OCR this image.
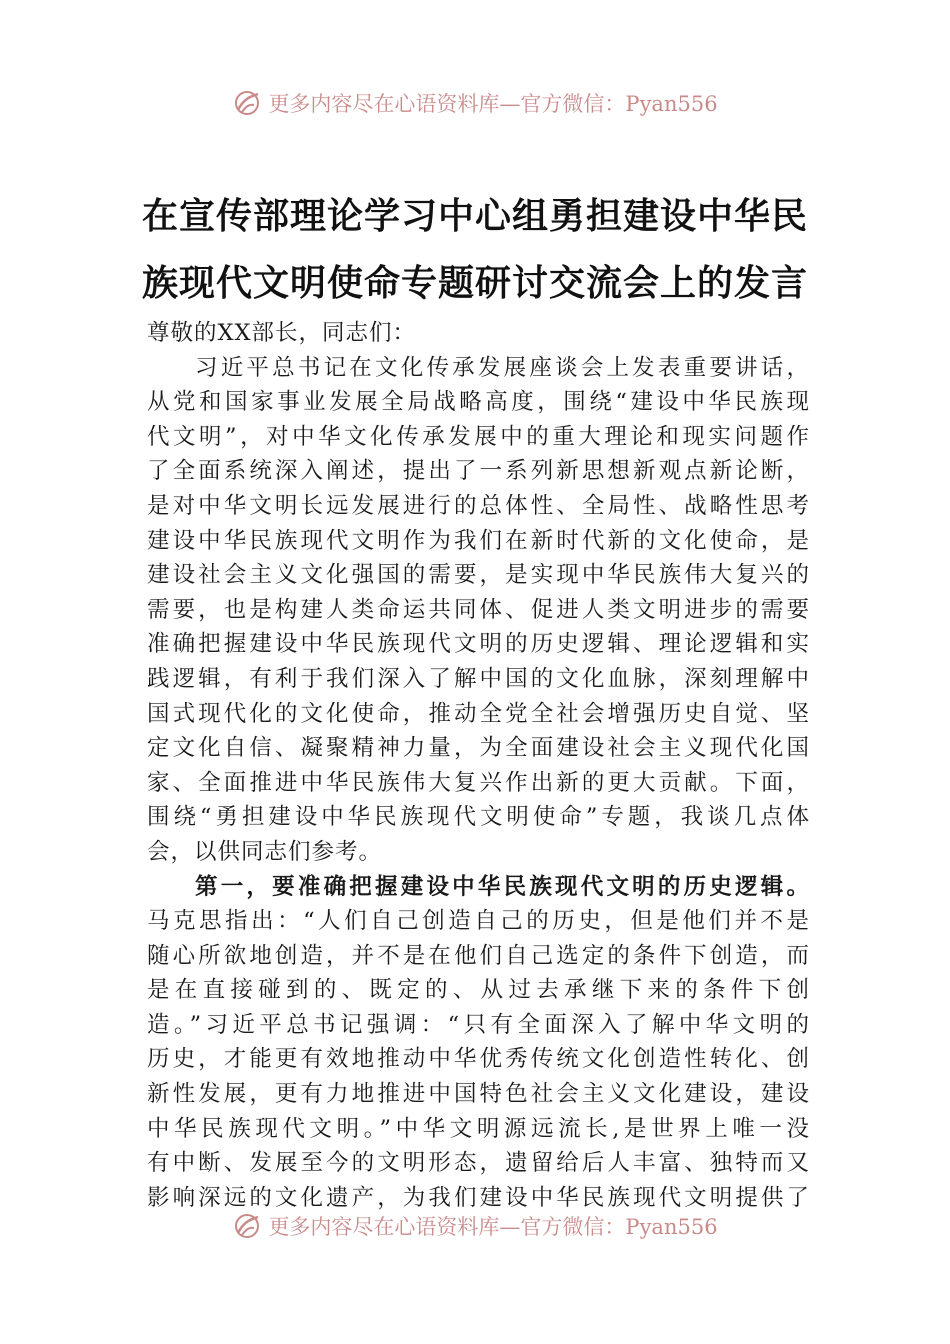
更多内容尽在心语资料库—官方微信：Pyan556
在宣传部理论学习中心组勇担建设中华民
族现代文明使命专题研讨交流会上的发言
尊敬的XX部长，同志们：
习近平总书记在文化传承发展座谈会上发表重要讲话，
从党和国家事业发展全局战略高度，围绕“建设中华民族现
代文明”，对中华文化传承发展中的重大理论和现实问题作
了全面系统深入阐述，提出了一系列新思想新观点新论断，
是对中华文明长远发展进行的总体性、全局性、战略性思考
建设中华民族现代文明作为我们在新时代新的文化使命，是
建设社会主义文化强国的需要，是实现中华民族伟大复兴的
需要，也是构建人类命运共同体、促进人类文明进步的需要
准确把握建设中华民族现代文明的历史逻辑、理论逻辑和实
践逻辑，有利于我们深入了解中国的文化血脉，深刻理解中
国式现代化的文化使命，推动全党全社会增强历史自觉、坚
定文化自信、凝聚精神力量，为全面建设社会主义现代化国
家、全面推进中华民族伟大复兴作出新的更大贡献。下面，
围绕“勇担建设中华民族现代文明使命”专题，我谈几点体
会，以供同志们参考。
第一，要准确把握建设中华民族现代文明的历史逻辑。
马克思指出：“人们自己创造自己的历史，但是他们并不是
随心所欲地创造，并不是在他们自己选定的条件下创造，而
是在直接碰到的、既定的、从过去承继下来的条件下创
造。”习近平总书记强调：“只有全面深入了解中华文明的
历史，才能更有效地推动中华优秀传统文化创造性转化、创
新性发展，更有力地推进中国特色社会主义文化建设，建设
中华民族现代文明。”中华文明源远流长,是世界上唯一没
有中断、发展至今的文明形态，遗留给后人丰富、独特而又
影响深远的文化遗产，为我们建设中华民族现代文明提供了
更多内容尽在心语资料库—官方微信：Pyan556
